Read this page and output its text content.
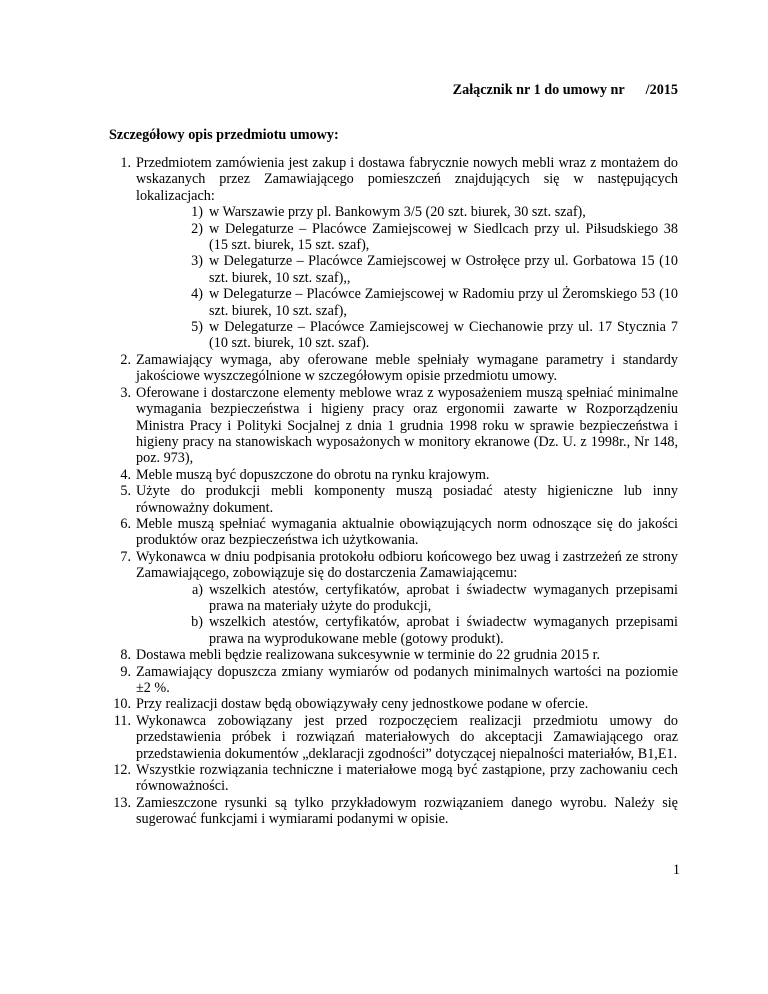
Załącznik nr 1 do umowy nr      /2015
Szczegółowy opis przedmiotu umowy:
1. Przedmiotem zamówienia jest zakup i dostawa fabrycznie nowych mebli wraz z montażem do wskazanych przez Zamawiającego pomieszczeń znajdujących się w następujących lokalizacjach:
1) w Warszawie przy pl. Bankowym 3/5 (20 szt. biurek, 30 szt. szaf),
2) w Delegaturze – Placówce Zamiejscowej w Siedlcach przy ul. Piłsudskiego 38 (15 szt. biurek, 15 szt. szaf),
3) w Delegaturze – Placówce Zamiejscowej w Ostrołęce przy ul. Gorbatowa 15 (10 szt. biurek, 10 szt. szaf),,
4) w Delegaturze – Placówce Zamiejscowej w Radomiu przy ul Żeromskiego 53 (10 szt. biurek, 10 szt. szaf),
5) w Delegaturze – Placówce Zamiejscowej w Ciechanowie przy ul. 17 Stycznia 7 (10 szt. biurek, 10 szt. szaf).
2. Zamawiający wymaga, aby oferowane meble spełniały wymagane parametry i standardy jakościowe wyszczególnione w szczegółowym opisie przedmiotu umowy.
3. Oferowane i dostarczone elementy meblowe wraz z wyposażeniem muszą spełniać minimalne wymagania bezpieczeństwa i higieny pracy oraz ergonomii zawarte w Rozporządzeniu Ministra Pracy i Polityki Socjalnej z dnia 1 grudnia 1998 roku w sprawie bezpieczeństwa i higieny pracy na stanowiskach wyposażonych w monitory ekranowe (Dz. U. z 1998r., Nr 148, poz. 973),
4. Meble muszą być dopuszczone do obrotu na rynku krajowym.
5. Użyte do produkcji mebli komponenty muszą posiadać atesty higieniczne lub inny równoważny dokument.
6. Meble muszą spełniać wymagania aktualnie obowiązujących norm odnoszące się do jakości produktów oraz bezpieczeństwa ich użytkowania.
7. Wykonawca w dniu podpisania protokołu odbioru końcowego bez uwag i zastrzeżeń ze strony Zamawiającego, zobowiązuje się do dostarczenia Zamawiającemu:
a) wszelkich atestów, certyfikatów, aprobat i świadectw wymaganych przepisami prawa na materiały użyte do produkcji,
b) wszelkich atestów, certyfikatów, aprobat i świadectw wymaganych przepisami prawa na wyprodukowane meble (gotowy produkt).
8. Dostawa mebli będzie realizowana sukcesywnie w terminie do 22 grudnia 2015 r.
9. Zamawiający dopuszcza zmiany wymiarów od podanych minimalnych wartości na poziomie ±2 %.
10. Przy realizacji dostaw będą obowiązywały ceny jednostkowe podane w ofercie.
11. Wykonawca zobowiązany jest przed rozpoczęciem realizacji przedmiotu umowy do przedstawienia próbek i rozwiązań materiałowych do akceptacji Zamawiającego oraz przedstawienia dokumentów „deklaracji zgodności” dotyczącej niepalności materiałów, B1,E1.
12. Wszystkie rozwiązania techniczne i materiałowe mogą być zastąpione, przy zachowaniu cech równoważności.
13. Zamieszczone rysunki są tylko przykładowym rozwiązaniem danego wyrobu. Należy się sugerować funkcjami i wymiarami podanymi w opisie.
1
